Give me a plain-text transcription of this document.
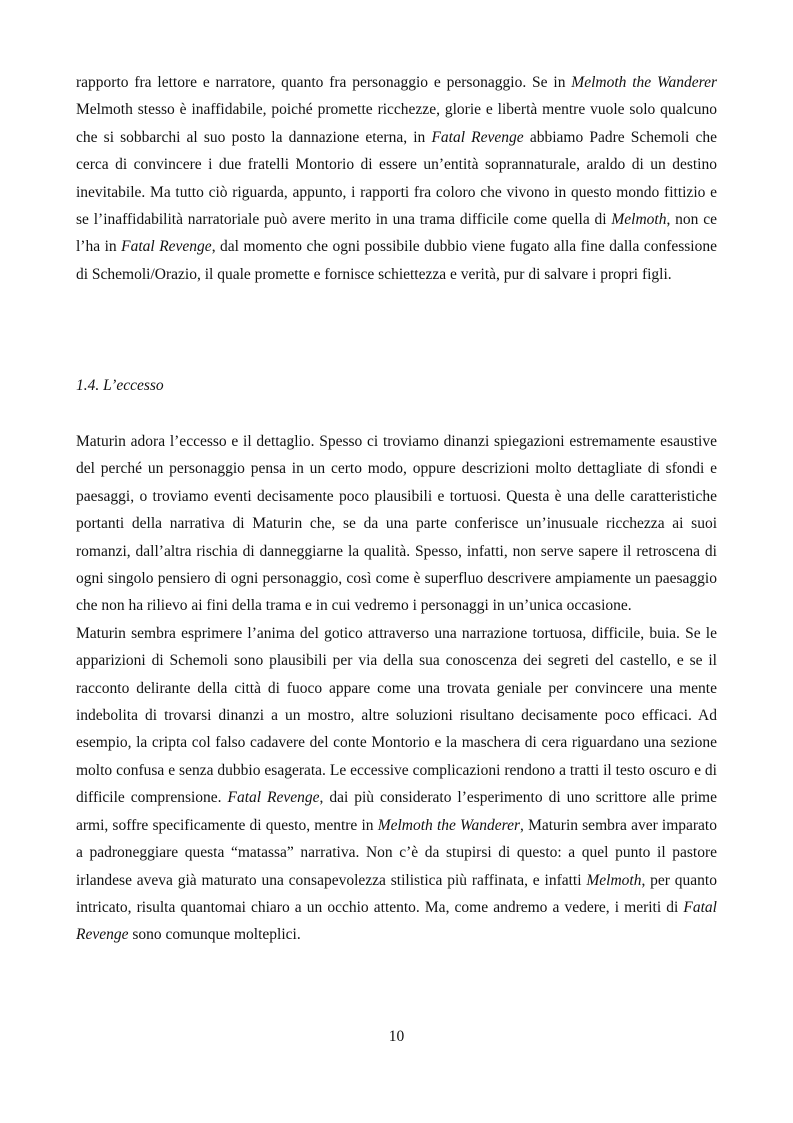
rapporto fra lettore e narratore, quanto fra personaggio e personaggio. Se in Melmoth the Wanderer Melmoth stesso è inaffidabile, poiché promette ricchezze, glorie e libertà mentre vuole solo qualcuno che si sobbarchi al suo posto la dannazione eterna, in Fatal Revenge abbiamo Padre Schemoli che cerca di convincere i due fratelli Montorio di essere un’entità soprannaturale, araldo di un destino inevitabile. Ma tutto ciò riguarda, appunto, i rapporti fra coloro che vivono in questo mondo fittizio e se l’inaffidabilità narratoriale può avere merito in una trama difficile come quella di Melmoth, non ce l’ha in Fatal Revenge, dal momento che ogni possibile dubbio viene fugato alla fine dalla confessione di Schemoli/Orazio, il quale promette e fornisce schiettezza e verità, pur di salvare i propri figli.

1.4. L’eccesso

Maturin adora l’eccesso e il dettaglio. Spesso ci troviamo dinanzi spiegazioni estremamente esaustive del perché un personaggio pensa in un certo modo, oppure descrizioni molto dettagliate di sfondi e paesaggi, o troviamo eventi decisamente poco plausibili e tortuosi. Questa è una delle caratteristiche portanti della narrativa di Maturin che, se da una parte conferisce un’inusuale ricchezza ai suoi romanzi, dall’altra rischia di danneggiarne la qualità. Spesso, infatti, non serve sapere il retroscena di ogni singolo pensiero di ogni personaggio, così come è superfluo descrivere ampiamente un paesaggio che non ha rilievo ai fini della trama e in cui vedremo i personaggi in un’unica occasione.

Maturin sembra esprimere l’anima del gotico attraverso una narrazione tortuosa, difficile, buia. Se le apparizioni di Schemoli sono plausibili per via della sua conoscenza dei segreti del castello, e se il racconto delirante della città di fuoco appare come una trovata geniale per convincere una mente indebolita di trovarsi dinanzi a un mostro, altre soluzioni risultano decisamente poco efficaci. Ad esempio, la cripta col falso cadavere del conte Montorio e la maschera di cera riguardano una sezione molto confusa e senza dubbio esagerata. Le eccessive complicazioni rendono a tratti il testo oscuro e di difficile comprensione. Fatal Revenge, dai più considerato l’esperimento di uno scrittore alle prime armi, soffre specificamente di questo, mentre in Melmoth the Wanderer, Maturin sembra aver imparato a padroneggiare questa “matassa” narrativa. Non c’è da stupirsi di questo: a quel punto il pastore irlandese aveva già maturato una consapevolezza stilistica più raffinata, e infatti Melmoth, per quanto intricato, risulta quantomai chiaro a un occhio attento. Ma, come andremo a vedere, i meriti di Fatal Revenge sono comunque molteplici.

10
